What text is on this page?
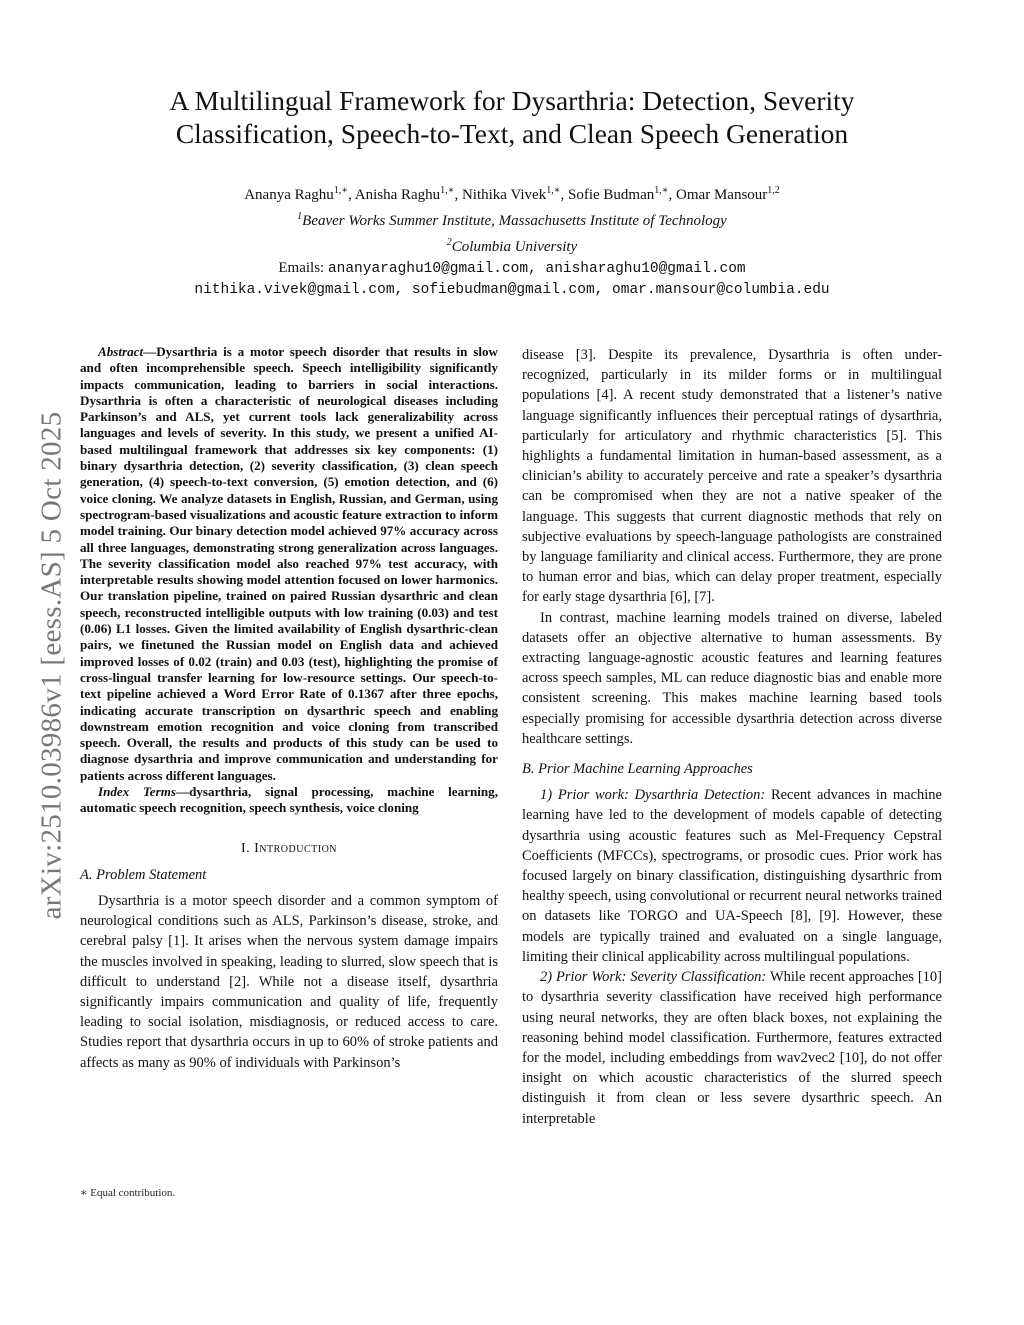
arXiv:2510.03986v1 [eess.AS] 5 Oct 2025
A Multilingual Framework for Dysarthria: Detection, Severity
Classification, Speech-to-Text, and Clean Speech Generation
Ananya Raghu$^{1,∗}$, Anisha Raghu$^{1,∗}$, Nithika Vivek$^{1,∗}$, Sofie Budman$^{1,∗}$, Omar Mansour$^{1,2}$
$^1$Beaver Works Summer Institute, Massachusetts Institute of Technology
$^2$Columbia University
Emails: ananyaraghu10@gmail.com, anisharaghu10@gmail.com
nithika.vivek@gmail.com, sofiebudman@gmail.com, omar.mansour@columbia.edu

Abstract—Dysarthria is a motor speech disorder that results in slow and often incomprehensible speech. Speech intelligibility significantly impacts communication, leading to barriers in social interactions. Dysarthria is often a characteristic of neurological diseases including Parkinson’s and ALS, yet current tools lack generalizability across languages and levels of severity. In this study, we present a unified AI-based multilingual framework that addresses six key components: (1) binary dysarthria detection, (2) severity classification, (3) clean speech generation, (4) speech-to-text conversion, (5) emotion detection, and (6) voice cloning. We analyze datasets in English, Russian, and German, using spectrogram-based visualizations and acoustic feature extraction to inform model training. Our binary detection model achieved 97% accuracy across all three languages, demonstrating strong generalization across languages. The severity classification model also reached 97% test accuracy, with interpretable results showing model attention focused on lower harmonics. Our translation pipeline, trained on paired Russian dysarthric and clean speech, reconstructed intelligible outputs with low training (0.03) and test (0.06) L1 losses. Given the limited availability of English dysarthric-clean pairs, we finetuned the Russian model on English data and achieved improved losses of 0.02 (train) and 0.03 (test), highlighting the promise of cross-lingual transfer learning for low-resource settings. Our speech-to-text pipeline achieved a Word Error Rate of 0.1367 after three epochs, indicating accurate transcription on dysarthric speech and enabling downstream emotion recognition and voice cloning from transcribed speech. Overall, the results and products of this study can be used to diagnose dysarthria and improve communication and understanding for patients across different languages.

Index Terms—dysarthria, signal processing, machine learning, automatic speech recognition, speech synthesis, voice cloning

I. Introduction
A. Problem Statement

Dysarthria is a motor speech disorder and a common symptom of neurological conditions such as ALS, Parkinson’s disease, stroke, and cerebral palsy [1]. It arises when the nervous system damage impairs the muscles involved in speaking, leading to slurred, slow speech that is difficult to understand [2]. While not a disease itself, dysarthria significantly impairs communication and quality of life, frequently leading to social isolation, misdiagnosis, or reduced access to care. Studies report that dysarthria occurs in up to 60% of stroke patients and affects as many as 90% of individuals with Parkinson’s

∗ Equal contribution.

disease [3]. Despite its prevalence, Dysarthria is often under-recognized, particularly in its milder forms or in multilingual populations [4]. A recent study demonstrated that a listener’s native language significantly influences their perceptual ratings of dysarthria, particularly for articulatory and rhythmic characteristics [5]. This highlights a fundamental limitation in human-based assessment, as a clinician’s ability to accurately perceive and rate a speaker’s dysarthria can be compromised when they are not a native speaker of the language. This suggests that current diagnostic methods that rely on subjective evaluations by speech-language pathologists are constrained by language familiarity and clinical access. Furthermore, they are prone to human error and bias, which can delay proper treatment, especially for early stage dysarthria [6], [7].

In contrast, machine learning models trained on diverse, labeled datasets offer an objective alternative to human assessments. By extracting language-agnostic acoustic features and learning features across speech samples, ML can reduce diagnostic bias and enable more consistent screening. This makes machine learning based tools especially promising for accessible dysarthria detection across diverse healthcare settings.

B. Prior Machine Learning Approaches

1) Prior work: Dysarthria Detection: Recent advances in machine learning have led to the development of models capable of detecting dysarthria using acoustic features such as Mel-Frequency Cepstral Coefficients (MFCCs), spectrograms, or prosodic cues. Prior work has focused largely on binary classification, distinguishing dysarthric from healthy speech, using convolutional or recurrent neural networks trained on datasets like TORGO and UA-Speech [8], [9]. However, these models are typically trained and evaluated on a single language, limiting their clinical applicability across multilingual populations.

2) Prior Work: Severity Classification: While recent approaches [10] to dysarthria severity classification have received high performance using neural networks, they are often black boxes, not explaining the reasoning behind model classification. Furthermore, features extracted for the model, including embeddings from wav2vec2 [10], do not offer insight on which acoustic characteristics of the slurred speech distinguish it from clean or less severe dysarthric speech. An interpretable
